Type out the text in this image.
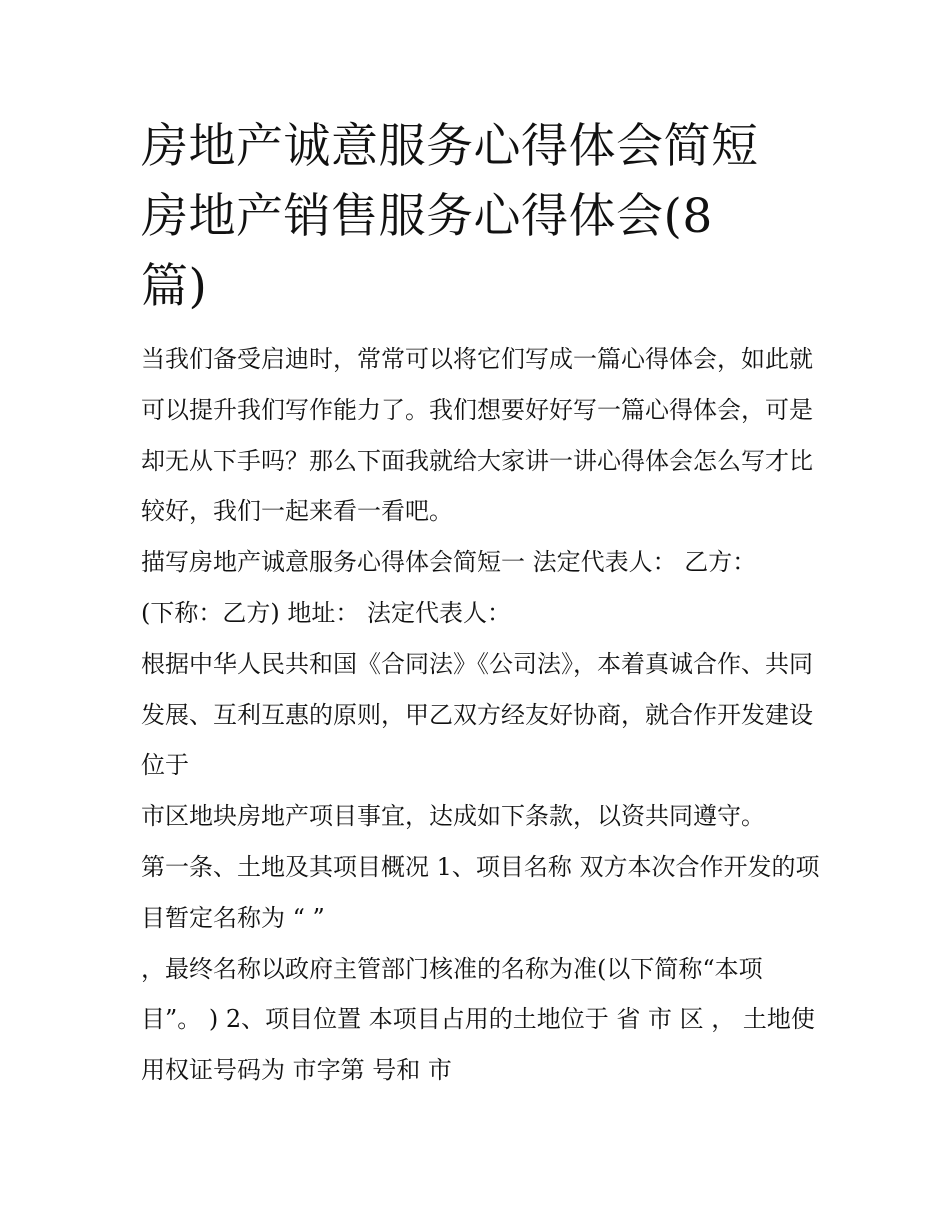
房地产诚意服务心得体会简短
房地产销售服务心得体会(8
篇)

当我们备受启迪时，常常可以将它们写成一篇心得体会，如此就可以提升我们写作能力了。我们想要好好写一篇心得体会，可是却无从下手吗？那么下面我就给大家讲一讲心得体会怎么写才比较好，我们一起来看一看吧。

描写房地产诚意服务心得体会简短一 法定代表人： 乙方：

(下称：乙方) 地址： 法定代表人：

根据中华人民共和国《合同法》《公司法》，本着真诚合作、共同发展、互利互惠的原则，甲乙双方经友好协商，就合作开发建设位于

市区地块房地产项目事宜，达成如下条款，以资共同遵守。

第一条、土地及其项目概况 1、项目名称 双方本次合作开发的项目暂定名称为 “ ”

，最终名称以政府主管部门核准的名称为准(以下简称“本项目”。 ) 2、项目位置 本项目占用的土地位于 省 市 区 ， 土地使用权证号码为 市字第 号和 市
